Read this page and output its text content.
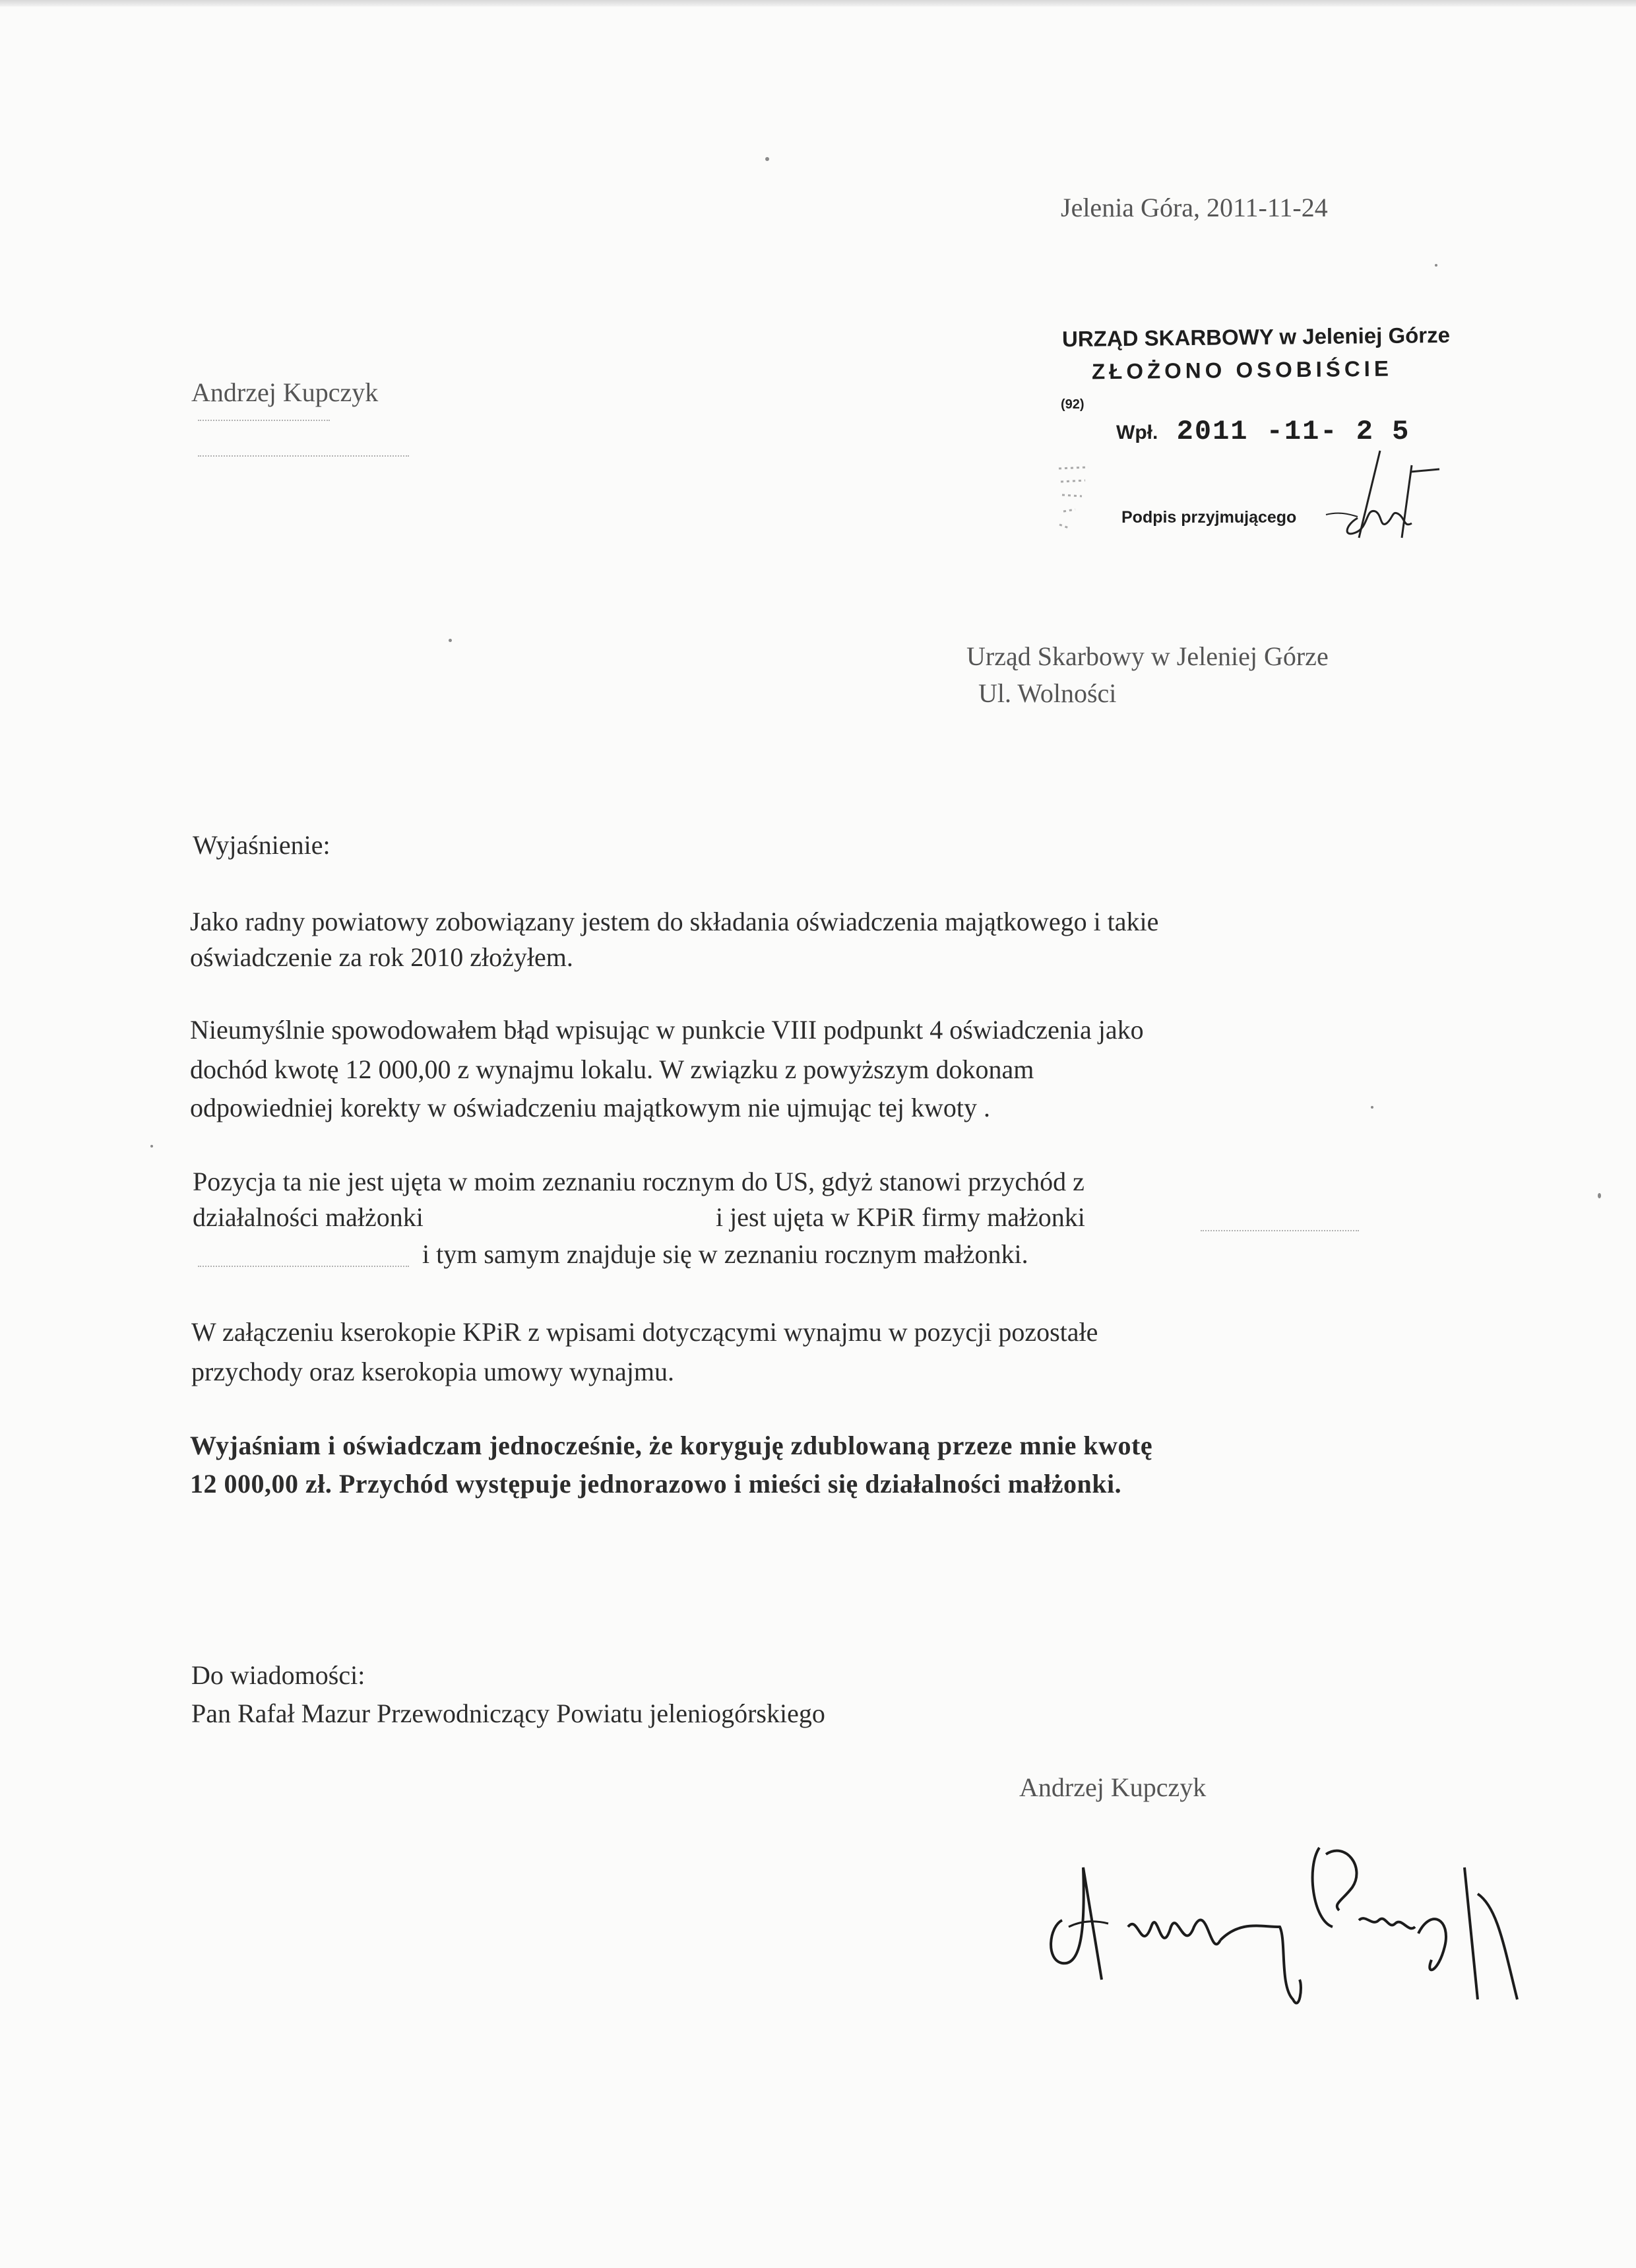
Jelenia Góra, 2011-11-24
Andrzej Kupczyk
URZĄD SKARBOWY w Jeleniej Górze
ZŁOŻONO OSOBIŚCIE
(92)
Wpł. 2011 -11- 2 5
Podpis przyjmującego
Urząd Skarbowy w Jeleniej Górze
Ul. Wolności
Wyjaśnienie:
Jako radny powiatowy zobowiązany jestem do składania oświadczenia majątkowego i takie
oświadczenie za rok 2010 złożyłem.
Nieumyślnie spowodowałem błąd wpisując w punkcie VIII podpunkt 4 oświadczenia jako
dochód kwotę 12 000,00 z wynajmu lokalu. W związku z powyższym dokonam
odpowiedniej korekty w oświadczeniu majątkowym nie ujmując tej kwoty .
Pozycja ta nie jest ujęta w moim zeznaniu rocznym do US, gdyż stanowi przychód z
działalności małżonki	i jest ujęta w KPiR firmy małżonki
i tym samym znajduje się w zeznaniu rocznym małżonki.
W załączeniu kserokopie KPiR z wpisami dotyczącymi wynajmu w pozycji pozostałe
przychody oraz kserokopia umowy wynajmu.
Wyjaśniam i oświadczam jednocześnie, że koryguję zdublowaną przeze mnie kwotę
12 000,00 zł. Przychód występuje jednorazowo i mieści się działalności małżonki.
Do wiadomości:
Pan Rafał Mazur Przewodniczący Powiatu jeleniogórskiego
Andrzej Kupczyk
